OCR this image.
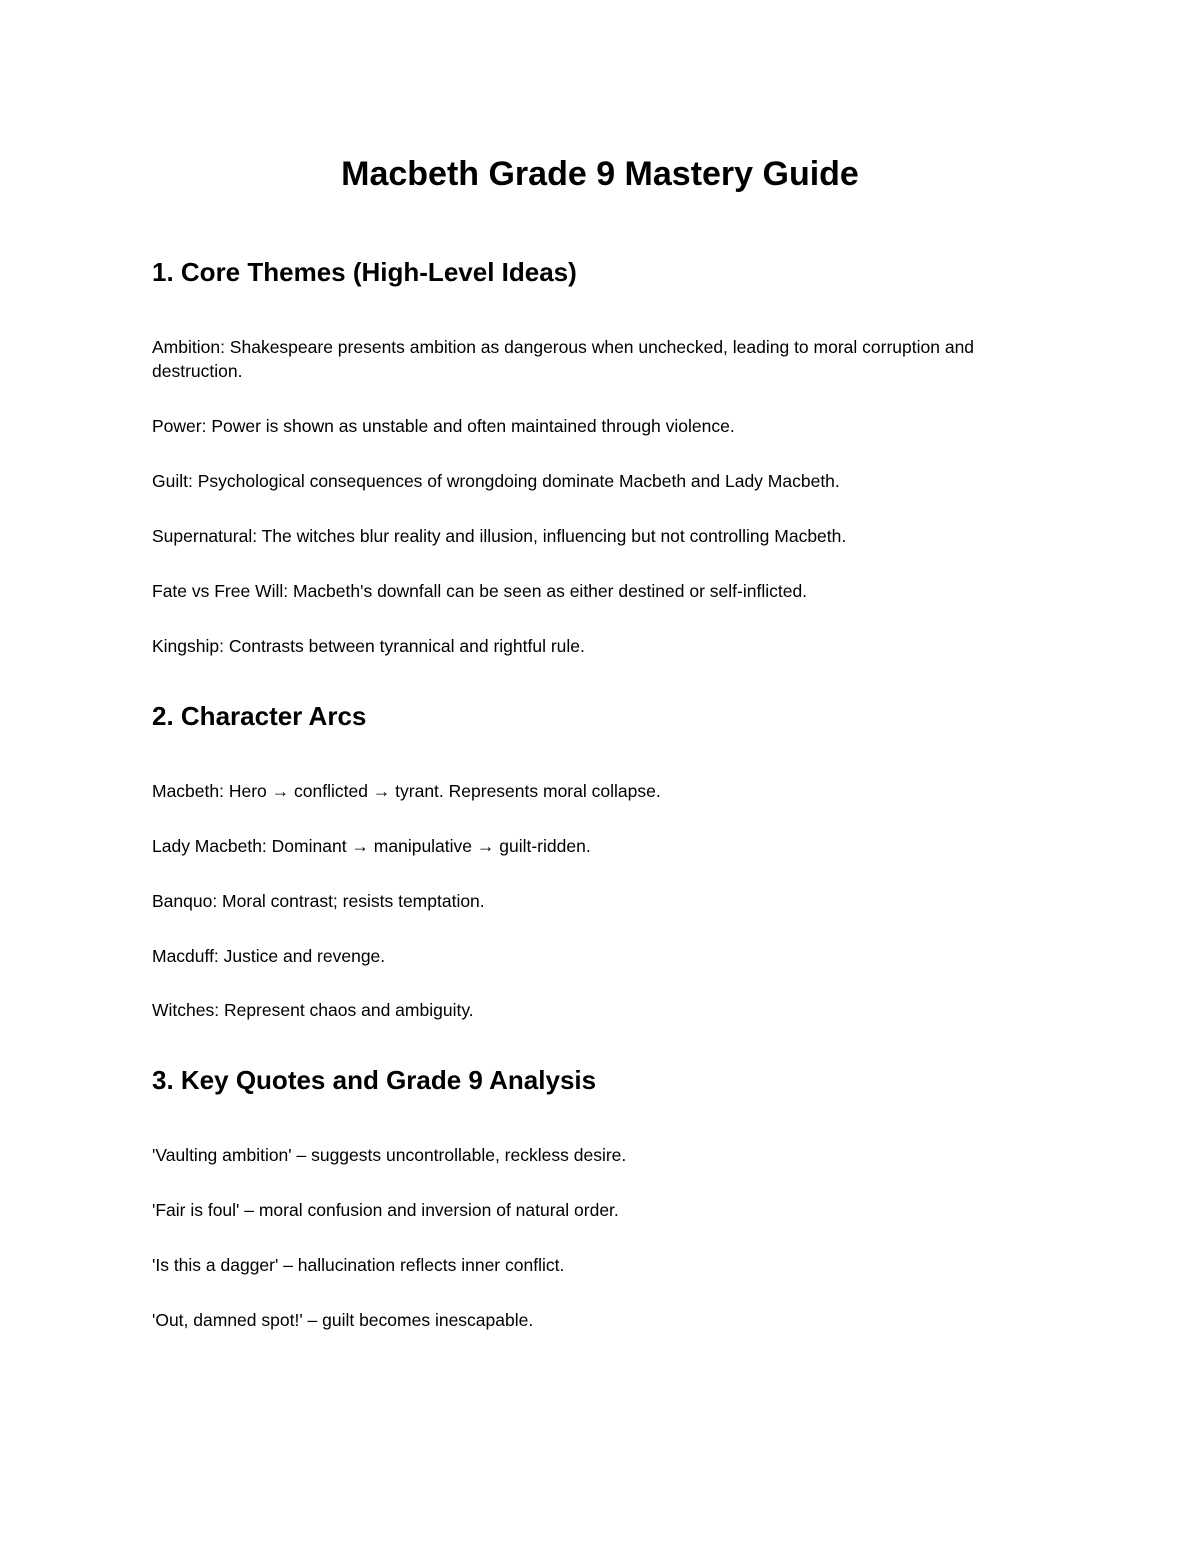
Macbeth Grade 9 Mastery Guide
1. Core Themes (High-Level Ideas)

Ambition: Shakespeare presents ambition as dangerous when unchecked, leading to moral corruption and destruction.

Power: Power is shown as unstable and often maintained through violence.

Guilt: Psychological consequences of wrongdoing dominate Macbeth and Lady Macbeth.

Supernatural: The witches blur reality and illusion, influencing but not controlling Macbeth.

Fate vs Free Will: Macbeth's downfall can be seen as either destined or self-inflicted.

Kingship: Contrasts between tyrannical and rightful rule.

2. Character Arcs

Macbeth: Hero → conflicted → tyrant. Represents moral collapse.

Lady Macbeth: Dominant → manipulative → guilt-ridden.

Banquo: Moral contrast; resists temptation.

Macduff: Justice and revenge.

Witches: Represent chaos and ambiguity.

3. Key Quotes and Grade 9 Analysis

'Vaulting ambition' – suggests uncontrollable, reckless desire.

'Fair is foul' – moral confusion and inversion of natural order.

'Is this a dagger' – hallucination reflects inner conflict.

'Out, damned spot!' – guilt becomes inescapable.
